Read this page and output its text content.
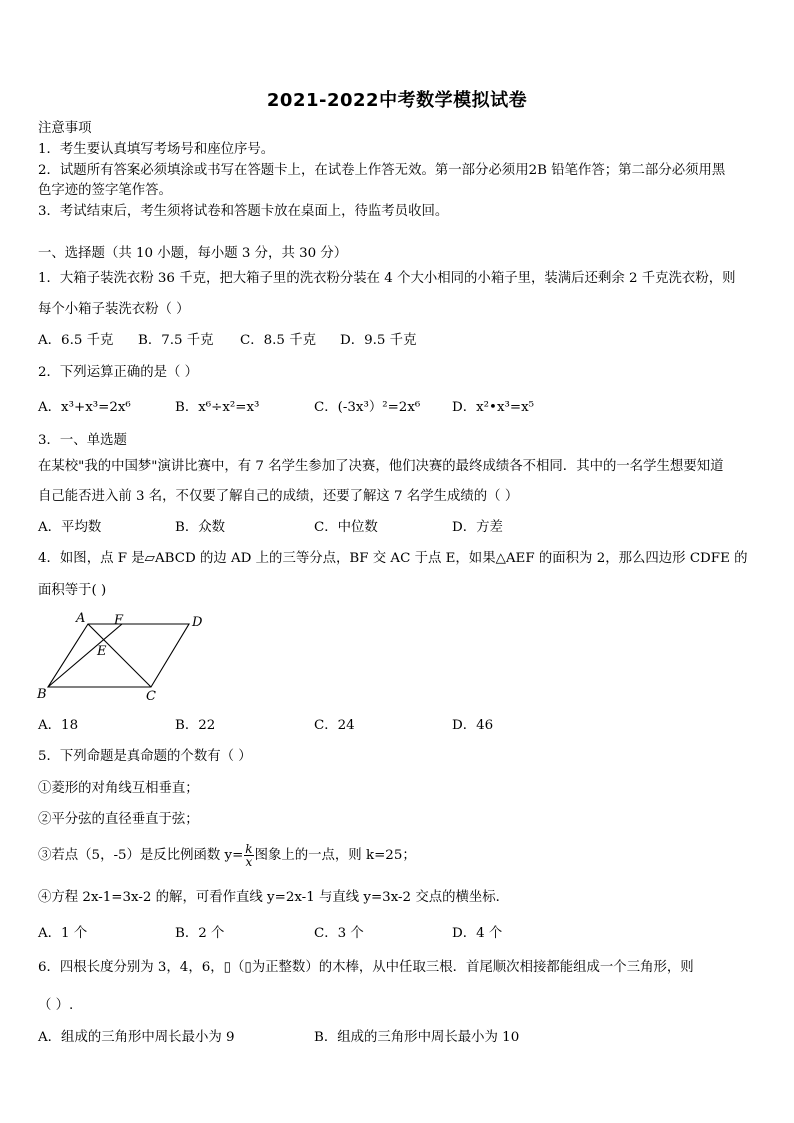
2021-2022中考数学模拟试卷
注意事项
1．考生要认真填写考场号和座位序号。
2．试题所有答案必须填涂或书写在答题卡上，在试卷上作答无效。第一部分必须用2B 铅笔作答；第二部分必须用黑
色字迹的签字笔作答。
3．考试结束后，考生须将试卷和答题卡放在桌面上，待监考员收回。
一、选择题（共 10 小题，每小题 3 分，共 30 分）
1．大箱子装洗衣粉 36 千克，把大箱子里的洗衣粉分装在 4 个大小相同的小箱子里，装满后还剩余 2 千克洗衣粉，则
每个小箱子装洗衣粉（ ）
A．6.5 千克 B．7.5 千克 C．8.5 千克 D．9.5 千克
2．下列运算正确的是（ ）
A．x³+x³=2x⁶	B．x⁶÷x²=x³	C．(-3x³）²=2x⁶ D．x²•x³=x⁵
3．一、单选题
在某校"我的中国梦"演讲比赛中，有 7 名学生参加了决赛，他们决赛的最终成绩各不相同．其中的一名学生想要知道
自己能否进入前 3 名，不仅要了解自己的成绩，还要了解这 7 名学生成绩的（ ）
A．平均数	B．众数	C．中位数	D．方差
4．如图，点 F 是▱ABCD 的边 AD 上的三等分点，BF 交 AC 于点 E，如果△AEF 的面积为 2，那么四边形 CDFE 的
面积等于( )
A F	D
E
B	C
A．18	B．22	C．24	D．46
5．下列命题是真命题的个数有（ ）
①菱形的对角线互相垂直；
②平分弦的直径垂直于弦；
③若点（5，-5）是反比例函数 $y= \frac{k}{x}$ 图象上的一点，则 k=25；
④方程 2x-1=3x-2 的解，可看作直线 y=2x-1 与直线 y=3x-2 交点的横坐标．
A．1 个	B．2 个	C．3 个	D．4 个
6．四根长度分别为 3，4，6，▯（▯为正整数）的木棒，从中任取三根．首尾顺次相接都能组成一个三角形，则
（ ）.
A．组成的三角形中周长最小为 9	B．组成的三角形中周长最小为 10
